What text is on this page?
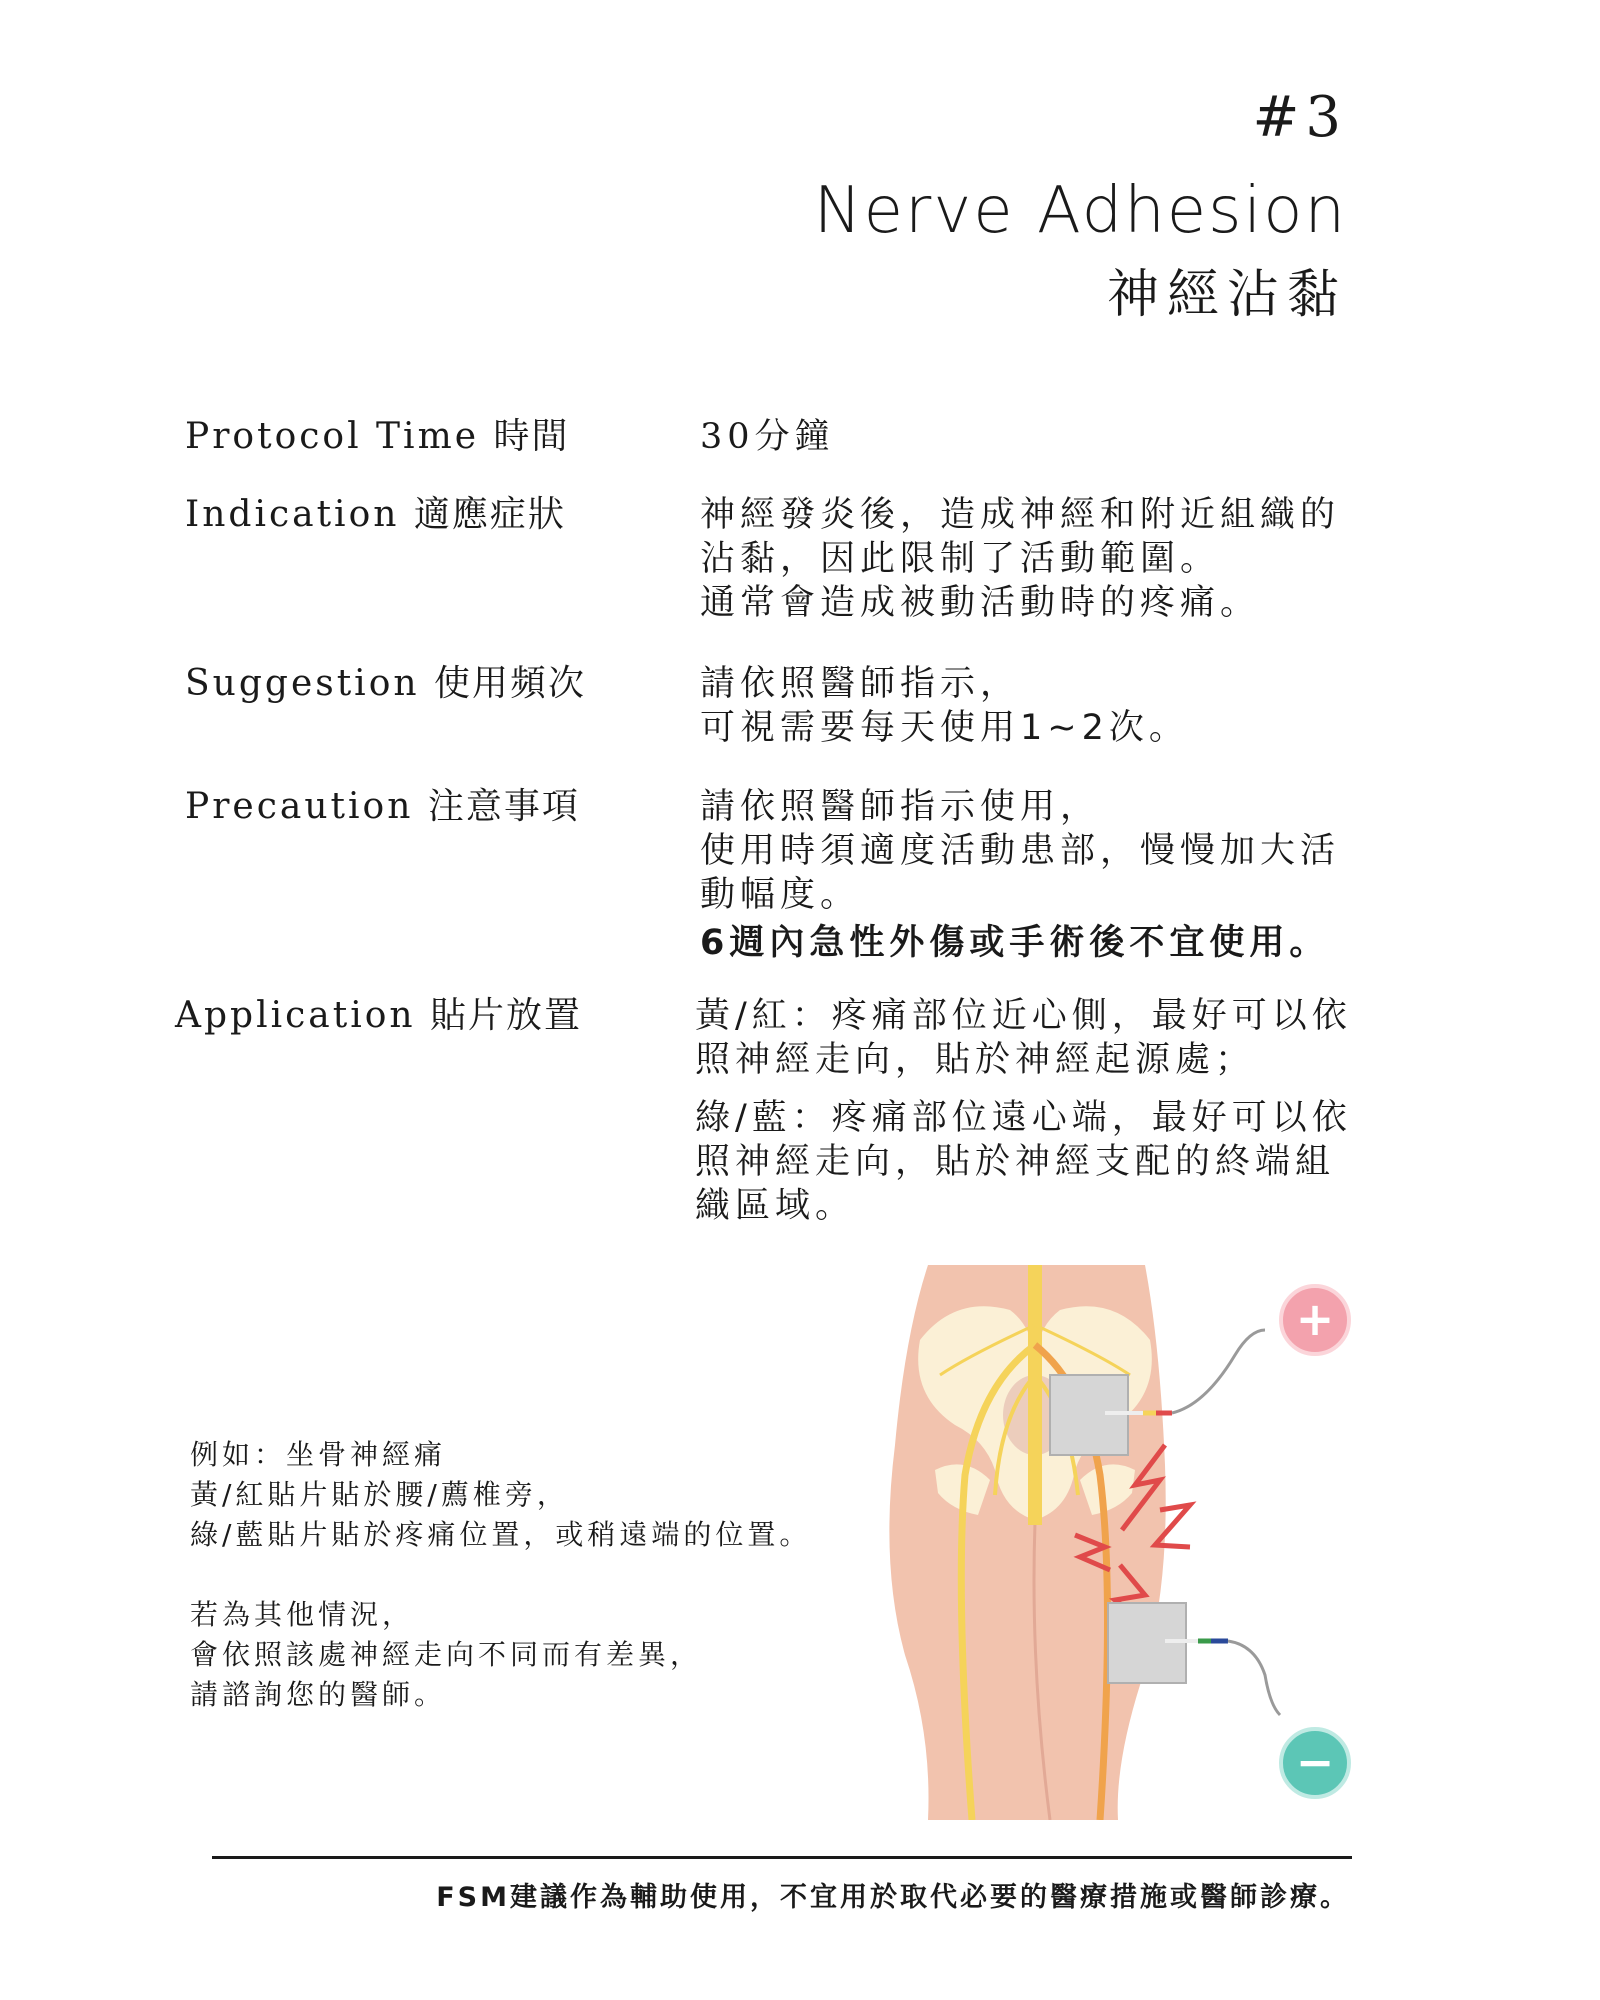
#3
Nerve Adhesion
神經沾黏
Protocol Time 時間	30分鐘
Indication 適應症狀	神經發炎後，造成神經和附近組織的

沾黏，因此限制了活動範圍。

通常會造成被動活動時的疼痛。

Suggestion 使用頻次	請依照醫師指示，

可視需要每天使用1~2次。

Precaution 注意事項	請依照醫師指示使用，

使用時須適度活動患部，慢慢加大活

動幅度。

6週內急性外傷或手術後不宜使用。

Application 貼片放置	黃/紅：疼痛部位近心側，最好可以依

照神經走向，貼於神經起源處；

綠/藍：疼痛部位遠心端，最好可以依

照神經走向，貼於神經支配的終端組

織區域。

例如：坐骨神經痛

黃/紅貼片貼於腰/薦椎旁，

綠/藍貼片貼於疼痛位置，或稍遠端的位置。

若為其他情況，

會依照該處神經走向不同而有差異，

請諮詢您的醫師。

+
−
FSM建議作為輔助使用，不宜用於取代必要的醫療措施或醫師診療。
